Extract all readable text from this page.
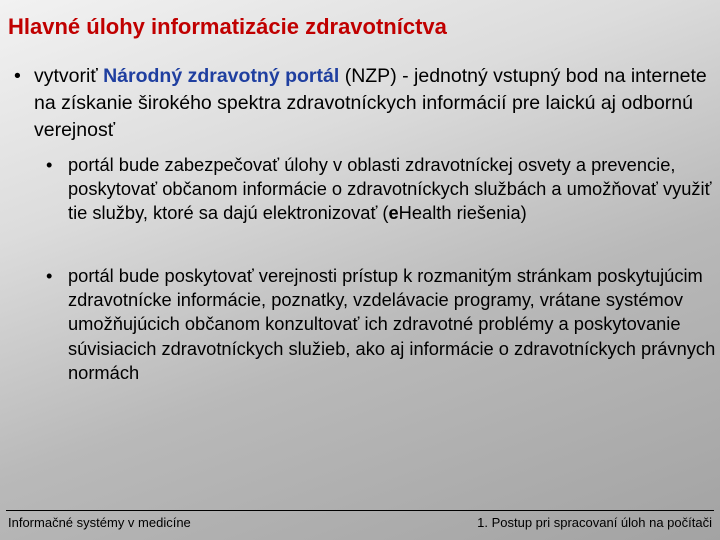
Hlavné úlohy informatizácie zdravotníctva
• vytvoriť Národný zdravotný portál (NZP) - jednotný vstupný bod na internete na získanie širokého spektra zdravotníckych informácií pre laickú aj odbornú verejnosť
• portál bude zabezpečovať úlohy v oblasti zdravotníckej osvety a prevencie, poskytovať občanom informácie o zdravotníckych službách a umožňovať využiť tie služby, ktoré sa dajú elektronizovať (eHealth riešenia)
• portál bude poskytovať verejnosti prístup k rozmanitým stránkam poskytujúcim zdravotnícke informácie, poznatky, vzdelávacie programy, vrátane systémov umožňujúcich občanom konzultovať ich zdravotné problémy a poskytovanie súvisiacich zdravotníckych služieb, ako aj informácie o zdravotníckych právnych normách
Informačné systémy v medicíne	1. Postup pri spracovaní úloh na počítači
